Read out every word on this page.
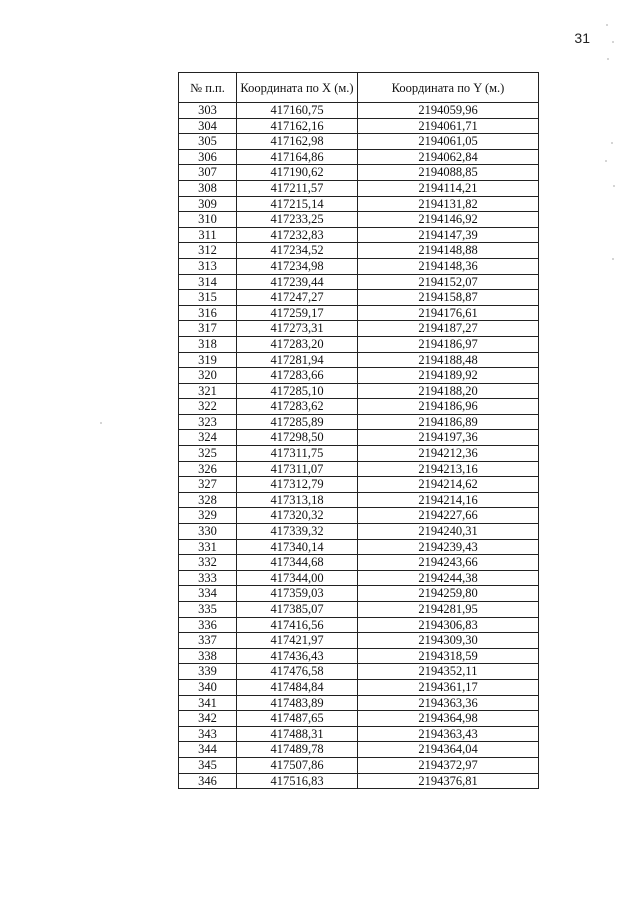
31
№ п.п.	Координата по X (м.)	Координата по Y (м.)
303	417160,75	2194059,96
304	417162,16	2194061,71
305	417162,98	2194061,05
306	417164,86	2194062,84
307	417190,62	2194088,85
308	417211,57	2194114,21
309	417215,14	2194131,82
310	417233,25	2194146,92
311	417232,83	2194147,39
312	417234,52	2194148,88
313	417234,98	2194148,36
314	417239,44	2194152,07
315	417247,27	2194158,87
316	417259,17	2194176,61
317	417273,31	2194187,27
318	417283,20	2194186,97
319	417281,94	2194188,48
320	417283,66	2194189,92
321	417285,10	2194188,20
322	417283,62	2194186,96
323	417285,89	2194186,89
324	417298,50	2194197,36
325	417311,75	2194212,36
326	417311,07	2194213,16
327	417312,79	2194214,62
328	417313,18	2194214,16
329	417320,32	2194227,66
330	417339,32	2194240,31
331	417340,14	2194239,43
332	417344,68	2194243,66
333	417344,00	2194244,38
334	417359,03	2194259,80
335	417385,07	2194281,95
336	417416,56	2194306,83
337	417421,97	2194309,30
338	417436,43	2194318,59
339	417476,58	2194352,11
340	417484,84	2194361,17
341	417483,89	2194363,36
342	417487,65	2194364,98
343	417488,31	2194363,43
344	417489,78	2194364,04
345	417507,86	2194372,97
346	417516,83	2194376,81
